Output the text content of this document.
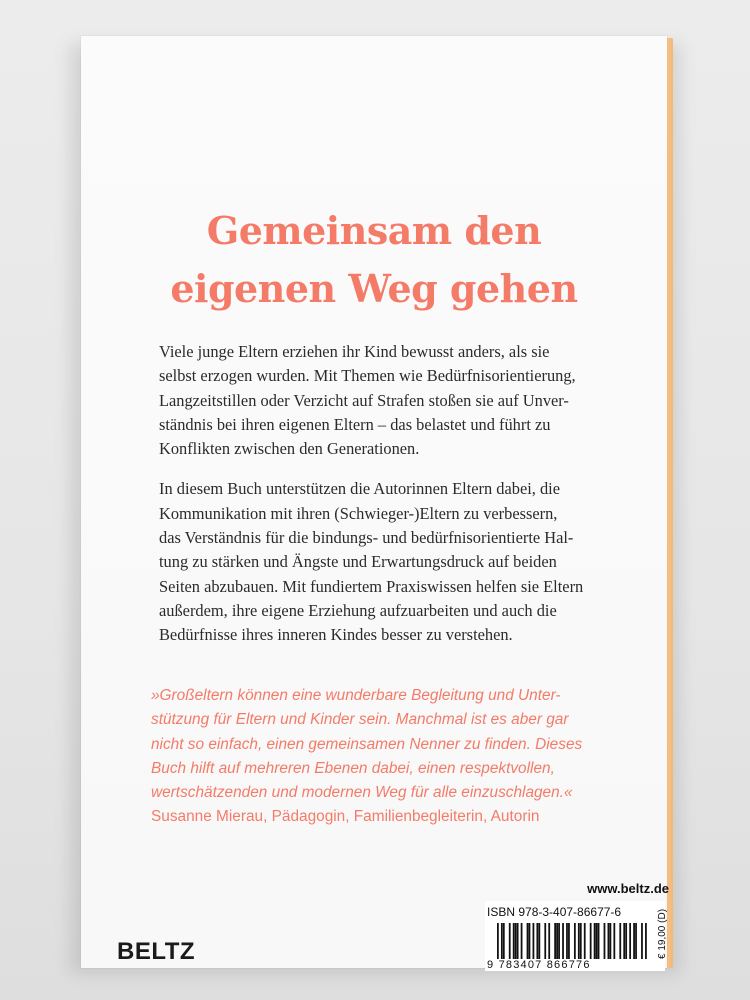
Gemeinsam den
eigenen Weg gehen

Viele junge Eltern erziehen ihr Kind bewusst anders, als sie
selbst erzogen wurden. Mit Themen wie Bedürfnisorientierung,
Langzeitstillen oder Verzicht auf Strafen stoßen sie auf Unver-
ständnis bei ihren eigenen Eltern – das belastet und führt zu
Konflikten zwischen den Generationen.

In diesem Buch unterstützen die Autorinnen Eltern dabei, die
Kommunikation mit ihren (Schwieger-)Eltern zu verbessern,
das Verständnis für die bindungs- und bedürfnisorientierte Hal-
tung zu stärken und Ängste und Erwartungsdruck auf beiden
Seiten abzubauen. Mit fundiertem Praxiswissen helfen sie Eltern
außerdem, ihre eigene Erziehung aufzuarbeiten und auch die
Bedürfnisse ihres inneren Kindes besser zu verstehen.

»Großeltern können eine wunderbare Begleitung und Unter-
stützung für Eltern und Kinder sein. Manchmal ist es aber gar
nicht so einfach, einen gemeinsamen Nenner zu finden. Dieses
Buch hilft auf mehreren Ebenen dabei, einen respektvollen,
wertschätzenden und modernen Weg für alle einzuschlagen.«
Susanne Mierau, Pädagogin, Familienbegleiterin, Autorin
www.beltz.de
ISBN 978-3-407-86677-6
9 783407 866776
€ 19,00 (D)
BELTZ
